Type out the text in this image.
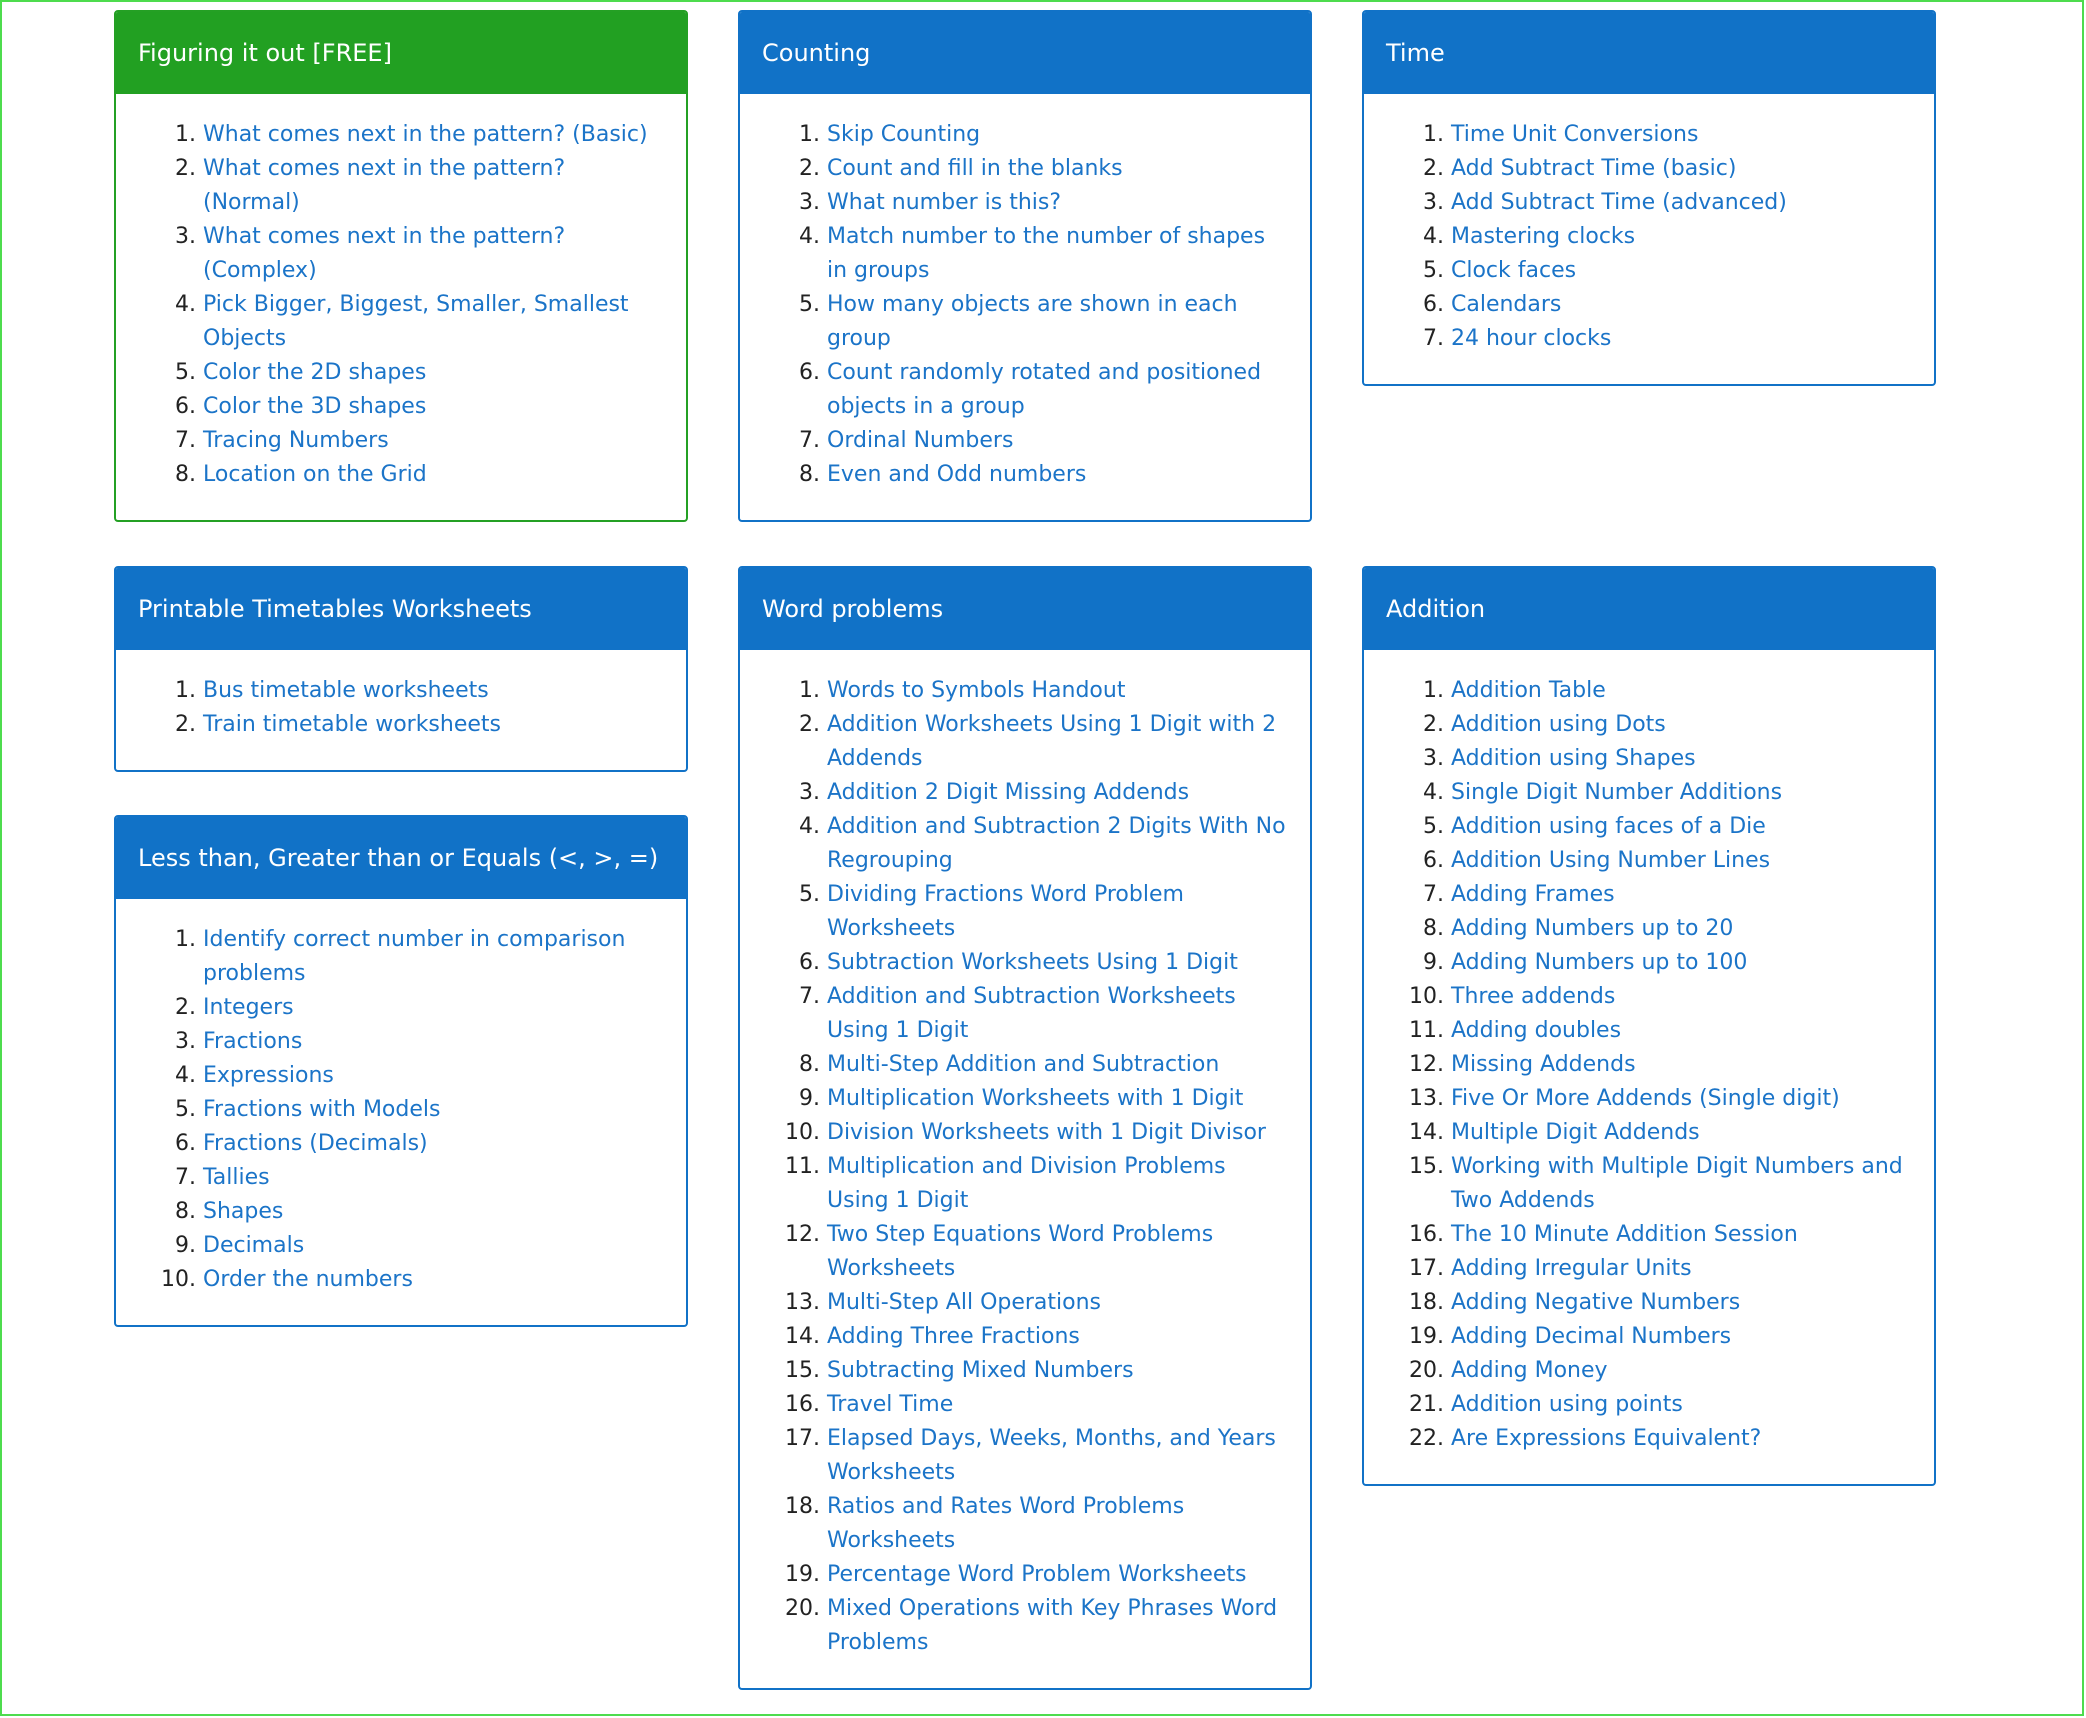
Figuring it out [FREE]
1. What comes next in the pattern? (Basic)
2. What comes next in the pattern? (Normal)
3. What comes next in the pattern? (Complex)
4. Pick Bigger, Biggest, Smaller, Smallest Objects
5. Color the 2D shapes
6. Color the 3D shapes
7. Tracing Numbers
8. Location on the Grid
Counting
1. Skip Counting
2. Count and fill in the blanks
3. What number is this?
4. Match number to the number of shapes in groups
5. How many objects are shown in each group
6. Count randomly rotated and positioned objects in a group
7. Ordinal Numbers
8. Even and Odd numbers
Time
1. Time Unit Conversions
2. Add Subtract Time (basic)
3. Add Subtract Time (advanced)
4. Mastering clocks
5. Clock faces
6. Calendars
7. 24 hour clocks
Printable Timetables Worksheets
1. Bus timetable worksheets
2. Train timetable worksheets
Less than, Greater than or Equals (<, >, =)
1. Identify correct number in comparison problems
2. Integers
3. Fractions
4. Expressions
5. Fractions with Models
6. Fractions (Decimals)
7. Tallies
8. Shapes
9. Decimals
10. Order the numbers
Word problems
1. Words to Symbols Handout
2. Addition Worksheets Using 1 Digit with 2 Addends
3. Addition 2 Digit Missing Addends
4. Addition and Subtraction 2 Digits With No Regrouping
5. Dividing Fractions Word Problem Worksheets
6. Subtraction Worksheets Using 1 Digit
7. Addition and Subtraction Worksheets Using 1 Digit
8. Multi-Step Addition and Subtraction
9. Multiplication Worksheets with 1 Digit
10. Division Worksheets with 1 Digit Divisor
11. Multiplication and Division Problems Using 1 Digit
12. Two Step Equations Word Problems Worksheets
13. Multi-Step All Operations
14. Adding Three Fractions
15. Subtracting Mixed Numbers
16. Travel Time
17. Elapsed Days, Weeks, Months, and Years Worksheets
18. Ratios and Rates Word Problems Worksheets
19. Percentage Word Problem Worksheets
20. Mixed Operations with Key Phrases Word Problems
Addition
1. Addition Table
2. Addition using Dots
3. Addition using Shapes
4. Single Digit Number Additions
5. Addition using faces of a Die
6. Addition Using Number Lines
7. Adding Frames
8. Adding Numbers up to 20
9. Adding Numbers up to 100
10. Three addends
11. Adding doubles
12. Missing Addends
13. Five Or More Addends (Single digit)
14. Multiple Digit Addends
15. Working with Multiple Digit Numbers and Two Addends
16. The 10 Minute Addition Session
17. Adding Irregular Units
18. Adding Negative Numbers
19. Adding Decimal Numbers
20. Adding Money
21. Addition using points
22. Are Expressions Equivalent?
